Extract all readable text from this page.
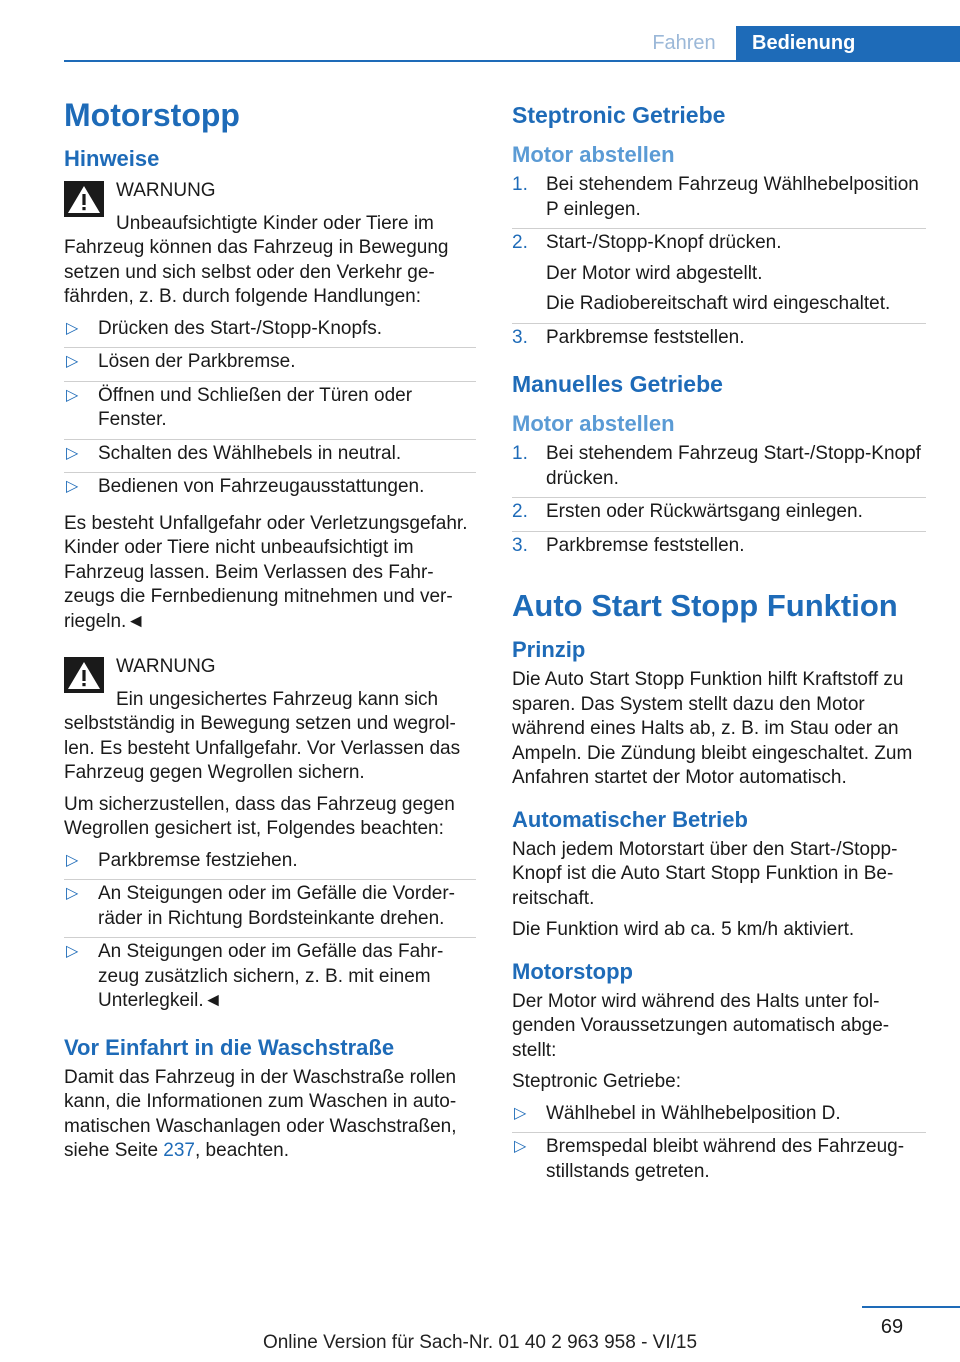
Fahren	Bedienung
Motorstopp
Hinweise
WARNUNG
Unbeaufsichtigte Kinder oder Tiere im
Fahrzeug können das Fahrzeug in Bewegung setzen und sich selbst oder den Verkehr gefährden, z. B. durch folgende Handlungen:
▷ Drücken des Start-/Stopp-Knopfs.
▷ Lösen der Parkbremse.
▷ Öffnen und Schließen der Türen oder Fenster.
▷ Schalten des Wählhebels in neutral.
▷ Bedienen von Fahrzeugausstattungen.
Es besteht Unfallgefahr oder Verletzungsgefahr. Kinder oder Tiere nicht unbeaufsichtigt im Fahrzeug lassen. Beim Verlassen des Fahrzeugs die Fernbedienung mitnehmen und verriegeln.◄
WARNUNG
Ein ungesichertes Fahrzeug kann sich
selbstständig in Bewegung setzen und wegrollen. Es besteht Unfallgefahr. Vor Verlassen das Fahrzeug gegen Wegrollen sichern.
Um sicherzustellen, dass das Fahrzeug gegen Wegrollen gesichert ist, Folgendes beachten:
▷ Parkbremse festziehen.
▷ An Steigungen oder im Gefälle die Vorderräder in Richtung Bordsteinkante drehen.
▷ An Steigungen oder im Gefälle das Fahrzeug zusätzlich sichern, z. B. mit einem Unterlegkeil.◄
Vor Einfahrt in die Waschstraße
Damit das Fahrzeug in der Waschstraße rollen kann, die Informationen zum Waschen in automatischen Waschanlagen oder Waschstraßen, siehe Seite 237, beachten.
Steptronic Getriebe
Motor abstellen
1. Bei stehendem Fahrzeug Wählhebelposition P einlegen.
2. Start-/Stopp-Knopf drücken.
Der Motor wird abgestellt.
Die Radiobereitschaft wird eingeschaltet.
3. Parkbremse feststellen.
Manuelles Getriebe
Motor abstellen
1. Bei stehendem Fahrzeug Start-/Stopp-Knopf drücken.
2. Ersten oder Rückwärtsgang einlegen.
3. Parkbremse feststellen.
Auto Start Stopp Funktion
Prinzip
Die Auto Start Stopp Funktion hilft Kraftstoff zu sparen. Das System stellt dazu den Motor während eines Halts ab, z. B. im Stau oder an Ampeln. Die Zündung bleibt eingeschaltet. Zum Anfahren startet der Motor automatisch.
Automatischer Betrieb
Nach jedem Motorstart über den Start-/Stopp-Knopf ist die Auto Start Stopp Funktion in Bereitschaft.
Die Funktion wird ab ca. 5 km/h aktiviert.
Motorstopp
Der Motor wird während des Halts unter folgenden Voraussetzungen automatisch abgestellt:
Steptronic Getriebe:
▷ Wählhebel in Wählhebelposition D.
▷ Bremspedal bleibt während des Fahrzeugstillstands getreten.
69
Online Version für Sach-Nr. 01 40 2 963 958 - VI/15
